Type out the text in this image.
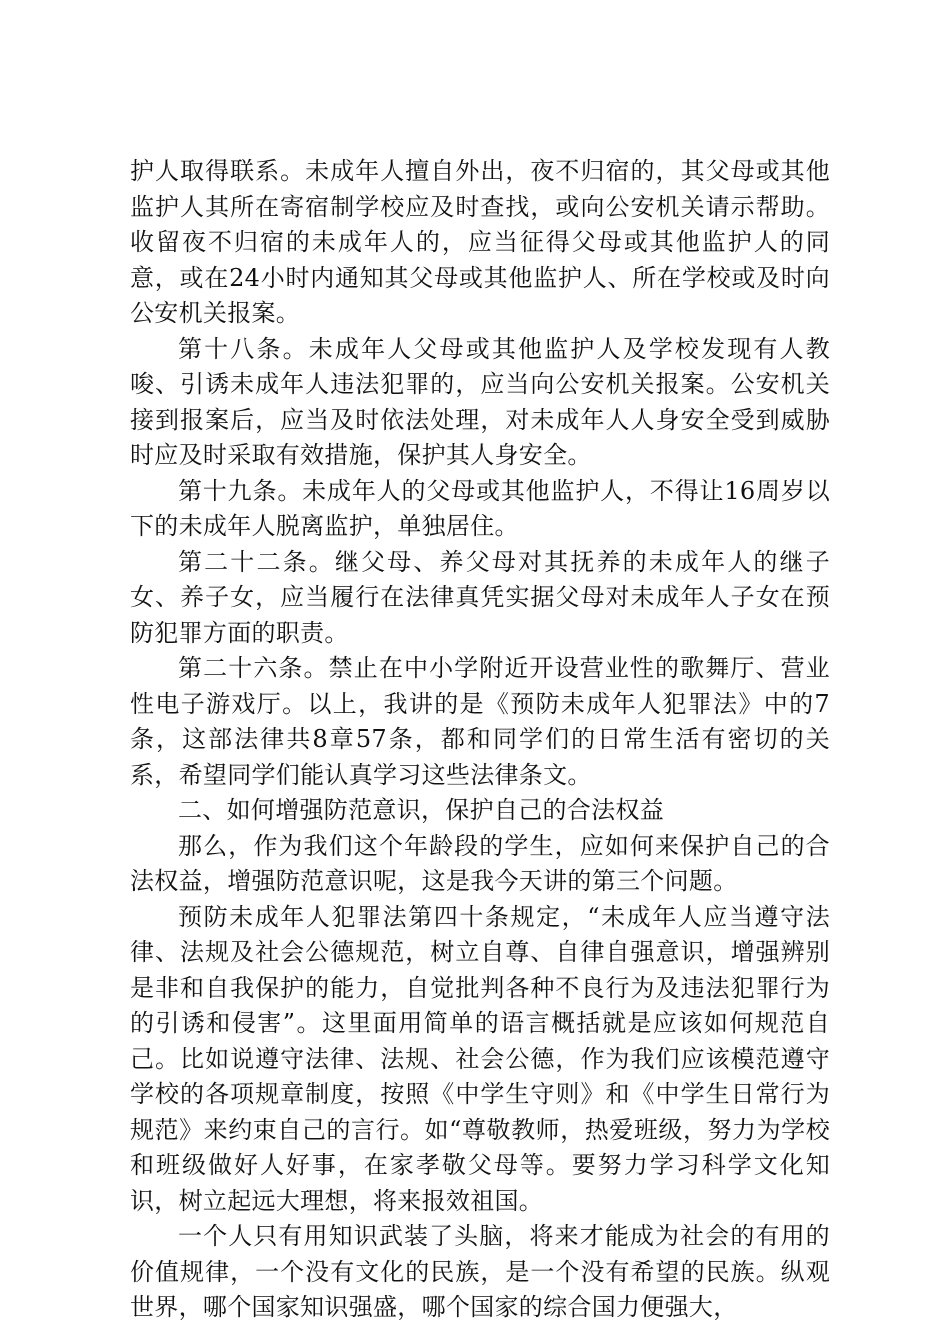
护人取得联系。未成年人擅自外出，夜不归宿的，其父母或其他监护人其所在寄宿制学校应及时查找，或向公安机关请示帮助。收留夜不归宿的未成年人的，应当征得父母或其他监护人的同意，或在24小时内通知其父母或其他监护人、所在学校或及时向公安机关报案。

第十八条。未成年人父母或其他监护人及学校发现有人教唆、引诱未成年人违法犯罪的，应当向公安机关报案。公安机关接到报案后，应当及时依法处理，对未成年人人身安全受到威胁时应及时采取有效措施，保护其人身安全。

第十九条。未成年人的父母或其他监护人，不得让16周岁以下的未成年人脱离监护，单独居住。

第二十二条。继父母、养父母对其抚养的未成年人的继子女、养子女，应当履行在法律真凭实据父母对未成年人子女在预防犯罪方面的职责。

第二十六条。禁止在中小学附近开设营业性的歌舞厅、营业性电子游戏厅。以上，我讲的是《预防未成年人犯罪法》中的7条，这部法律共8章57条，都和同学们的日常生活有密切的关系，希望同学们能认真学习这些法律条文。

二、如何增强防范意识，保护自己的合法权益

那么，作为我们这个年龄段的学生，应如何来保护自己的合法权益，增强防范意识呢，这是我今天讲的第三个问题。

预防未成年人犯罪法第四十条规定，“未成年人应当遵守法律、法规及社会公德规范，树立自尊、自律自强意识，增强辨别是非和自我保护的能力，自觉批判各种不良行为及违法犯罪行为的引诱和侵害”。这里面用简单的语言概括就是应该如何规范自己。比如说遵守法律、法规、社会公德，作为我们应该模范遵守学校的各项规章制度，按照《中学生守则》和《中学生日常行为规范》来约束自己的言行。如“尊敬教师，热爱班级，努力为学校和班级做好人好事，在家孝敬父母等。要努力学习科学文化知识，树立起远大理想，将来报效祖国。

一个人只有用知识武装了头脑，将来才能成为社会的有用的价值规律，一个没有文化的民族，是一个没有希望的民族。纵观世界，哪个国家知识强盛，哪个国家的综合国力便强大，
